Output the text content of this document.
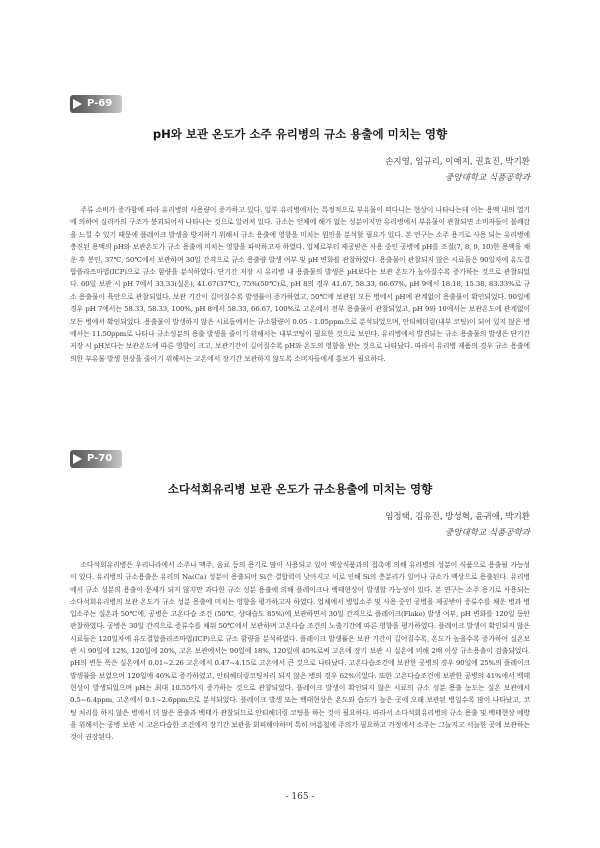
P-69
pH와 보관 온도가 소주 유리병의 규소 용출에 미치는 영향
손지영, 임규리, 이예지, 권효진, 박기환
중앙대학교 식품공학과

주류 소비가 증가함에 따라 유리병의 사용량이 증가하고 있다. 일부 유리병에서는 특정적으로 부유물이 떠다니는 현상이 나타나는데 이는 용액 내의 열기에 의하여 실리카의 구조가 붕괴되어서 나타나는 것으로 알려져 있다. 규소는 인체에 해가 없는 성분이지만 유리병에서 부유물이 관찰되면 소비자들이 불쾌감을 느낄 수 있기 때문에 플레이크 발생을 방지하기 위해서 규소 용출에 영향을 미치는 원인을 분석할 필요가 있다. 본 연구는 소주 용기로 사용 되는 유리병에 충진된 용액의 pH와 보관온도가 규소 용출에 미치는 영향을 파악하고자 하였다. 업체로부터 제공받은 사용 중인 공병에 pH를 조절(7, 8, 9, 10)한 용액을 채운 후 봉인, 37℃, 50℃에서 보관하며 30일 간격으로 규소 용출량 발생 여부 및 pH 변화를 관찰하였다. 용출물이 관찰되지 않은 시료들은 90일차에 유도결합플라즈마법(ICP)으로 규소 함량을 분석하였다. 단기간 저장 시 유리병 내 용출물의 발생은 pH보다는 보관 온도가 높아질수록 증가하는 것으로 관찰되었다. 60일 보관 시 pH 7에서 33.33(실온), 41.67(37℃), 75%(50℃)로, pH 8의 경우 41.67, 58.33, 66.67%, pH 9에서 18.18, 15.38, 83.33%로 규소 용출물이 육안으로 관찰되었다. 보관 기간이 길어질수록 발생률이 증가하였고, 50℃에 보관된 모든 병에서 pH에 관계없이 용출물이 확인되었다. 90일에 경우 pH 7에서는 58.33, 58.33, 100%, pH 8에서 58.33, 66.67, 100%로 고온에서 전부 용출물이 관찰되었고, pH 9와 10에서는 보관온도에 관계없이 모든 병에서 확인되었다. 용출물이 발생하지 않은 시료들에서는 규소함량이 0.05 - 1.05ppm으로 분석되었으며, 안티헤더링(내부 코팅)이 되어 있지 않은 병에서는 11.50ppm로 나타나 규소성분의 용출 발생을 줄이기 위해서는 내부코팅이 필요한 것으로 보인다. 유리병에서 발견되는 규소 용출물의 발생은 단기간 저장 시 pH보다는 보관온도에 따른 영향이 크고, 보관기간이 길어질수록 pH와 온도의 영향을 받는 것으로 나타났다. 따라서 유리병 제품의 경우 규소 용출에 의한 부유물 발생 현상을 줄이기 위해서는 고온에서 장기간 보관하지 않도록 소비자들에게 홍보가 필요하다.

P-70
소다석회유리병 보관 온도가 규소용출에 미치는 영향
임정택, 김유진, 방성혁, 윤귀애, 박기환
중앙대학교 식품공학과

소다석회유리병은 우리나라에서 소주나 맥주, 음료 등의 용기로 많이 사용되고 있어 액상식품과의 접촉에 의해 유리병의 성분이 식품으로 용출될 가능성이 있다. 유리병의 규소용출은 유리의 Na(Ca) 성분이 용출되어 Si간 결합력이 낮아지고 이로 인해 Si의 층분리가 일어나 규소가 액상으로 용출된다. 유리병에서 규소 성분의 용출이 문제가 되지 않지만 과다한 규소 성분 용출에 의해 플레이크나 백태현상이 발생할 가능성이 있다. 본 연구는 소주 용기로 사용되는 소다석회유리병의 보관 온도가 규소 성분 용출에 미치는 영향을 평가하고자 하였다. 업체에서 병입소주 및 사용 중인 공병을 제공받아 증류수를 채운 병과 병입소주는 실온과 50℃에, 공병은 고온다습 조건 (50℃, 상대습도 85%)에 보관하면서 30일 간격으로 플레이크(Flake) 발생 여부, pH 변화를 120일 동안 관찰하였다. 공병은 30일 간격으로 증류수를 채워 50℃에서 보관하며 고온다습 조건의 노출기간에 따른 영향을 평가하였다. 플레이크 발생이 확인되지 않은 시료들은 120일차에 유도결합플라즈마법(ICP)으로 규소 함량을 분석하였다. 플레이크 발생률은 보관 기간이 길어질수록, 온도가 높을수록 증가하여 실온보관 시 90일에 12%, 120일에 20%, 고온 보관에서는 90일에 18%, 120일에 45%로써 고온에 장기 보관 시 실온에 비해 2배 이상 규소용출이 검출되었다. pH의 변동 폭은 실온에서 0.01~2.26 고온에서 0.47~4.15로 고온에서 큰 것으로 나타났다. 고온다습조건에 보관한 공병의 경우 90일에 25%의 플레이크 발생률을 보였으며 120일에 46%로 증가하였고, 안티헤더링코팅처리 되지 않은 병의 경우 62%이었다. 또한 고온다습조건에 보관한 공병의 41%에서 백태현상이 발생되었으며 pH는 최대 10.55까지 증가하는 것으로 관찰되었다. 플레이크 발생이 확인되지 않은 시료의 규소 성분 용출 농도는 실온 보관에서 0.5~6.4ppm, 고온에서 0.1~2.6ppm으로 분석되었다. 플레이크 발생 또는 백태현상은 온도와 습도가 높은 곳에 오래 보관된 병일수록 많이 나타났고, 코팅 처리를 하지 않은 병에서 더 많은 용출과 백태가 관찰되므로 안티헤더링 코팅을 하는 것이 필요하다. 따라서 소다석회유리병의 규소 용출 및 백태현상 예방을 위해서는 공병 보관 시 고온다습한 조건에서 장기간 보관을 회피해야하며 특히 여름철에 주의가 필요하고 가정에서 소주는 그늘지고 서늘한 곳에 보관하는 것이 권장된다.

- 165 -
